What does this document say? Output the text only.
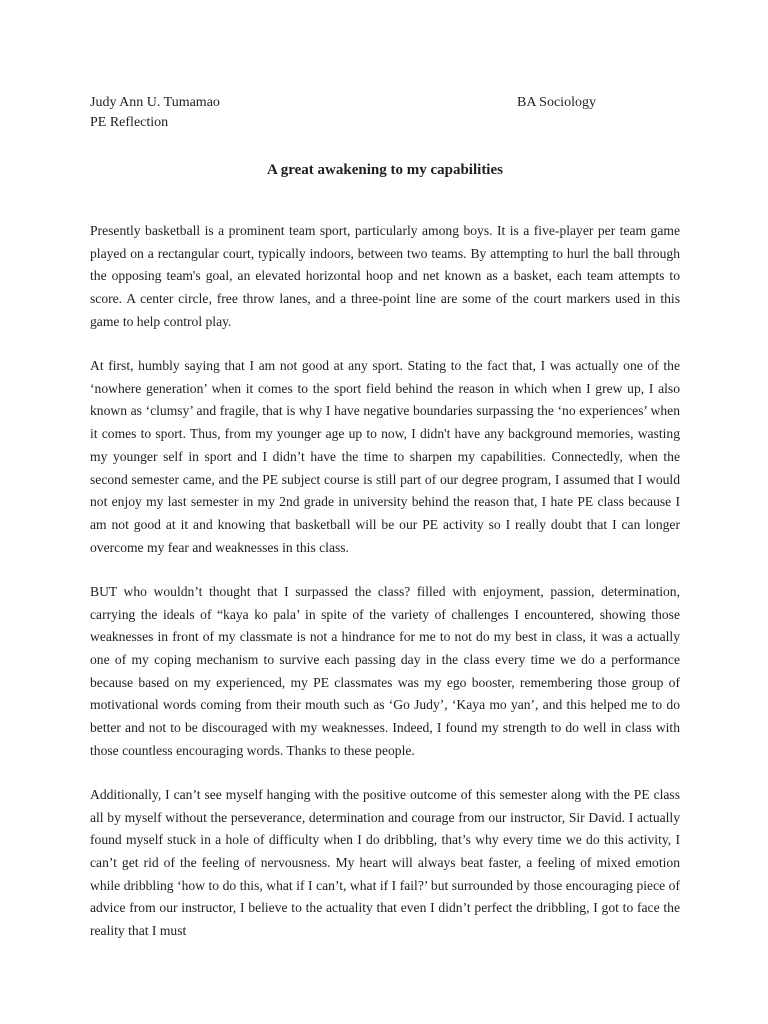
Judy Ann U. Tumamao	BA Sociology
PE Reflection
A great awakening to my capabilities

Presently basketball is a prominent team sport, particularly among boys. It is a five-player per team game played on a rectangular court, typically indoors, between two teams. By attempting to hurl the ball through the opposing team's goal, an elevated horizontal hoop and net known as a basket, each team attempts to score. A center circle, free throw lanes, and a three-point line are some of the court markers used in this game to help control play.

At first, humbly saying that I am not good at any sport. Stating to the fact that, I was actually one of the ‘nowhere generation’ when it comes to the sport field behind the reason in which when I grew up, I also known as ‘clumsy’ and fragile, that is why I have negative boundaries surpassing the ‘no experiences’ when it comes to sport. Thus, from my younger age up to now, I didn't have any background memories, wasting my younger self in sport and I didn’t have the time to sharpen my capabilities. Connectedly, when the second semester came, and the PE subject course is still part of our degree program, I assumed that I would not enjoy my last semester in my 2nd grade in university behind the reason that, I hate PE class because I am not good at it and knowing that basketball will be our PE activity so I really doubt that I can longer overcome my fear and weaknesses in this class.

BUT who wouldn’t thought that I surpassed the class? filled with enjoyment, passion, determination, carrying the ideals of “kaya ko pala’ in spite of the variety of challenges I encountered, showing those weaknesses in front of my classmate is not a hindrance for me to not do my best in class, it was a actually one of my coping mechanism to survive each passing day in the class every time we do a performance because based on my experienced, my PE classmates was my ego booster, remembering those group of motivational words coming from their mouth such as ‘Go Judy’, ‘Kaya mo yan’, and this helped me to do better and not to be discouraged with my weaknesses. Indeed, I found my strength to do well in class with those countless encouraging words. Thanks to these people.

Additionally, I can’t see myself hanging with the positive outcome of this semester along with the PE class all by myself without the perseverance, determination and courage from our instructor, Sir David. I actually found myself stuck in a hole of difficulty when I do dribbling, that’s why every time we do this activity, I can’t get rid of the feeling of nervousness. My heart will always beat faster, a feeling of mixed emotion while dribbling ‘how to do this, what if I can’t, what if I fail?’ but surrounded by those encouraging piece of advice from our instructor, I believe to the actuality that even I didn’t perfect the dribbling, I got to face the reality that I must
